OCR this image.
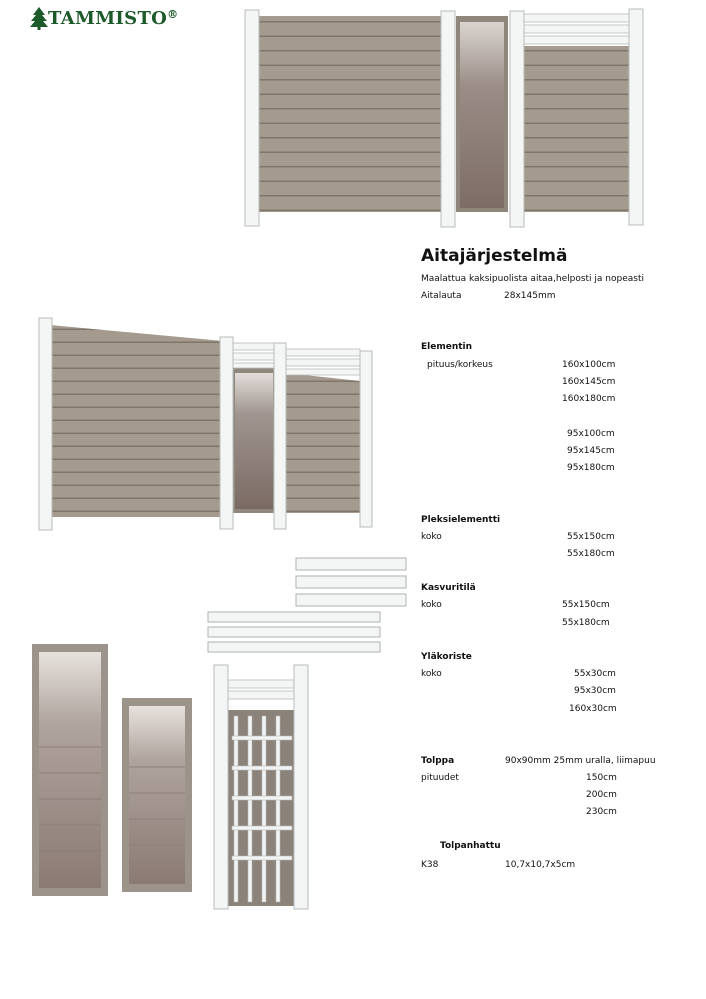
TAMMISTO ®
Aitajärjestelmä
Maalattua kaksipuolista aitaa,helposti ja nopeasti
Aitalauta	28x145mm
Elementin
pituus/korkeus	160x100cm
160x145cm
160x180cm
95x100cm
95x145cm
95x180cm
Pleksielementti
koko	55x150cm
55x180cm
Kasvuritilä
koko	55x150cm
55x180cm
Yläkoriste
koko	55x30cm
95x30cm
160x30cm
Tolppa	90x90mm 25mm uralla, liimapuu
pituudet	150cm
200cm
230cm
Tolpanhattu
K38	10,7x10,7x5cm
